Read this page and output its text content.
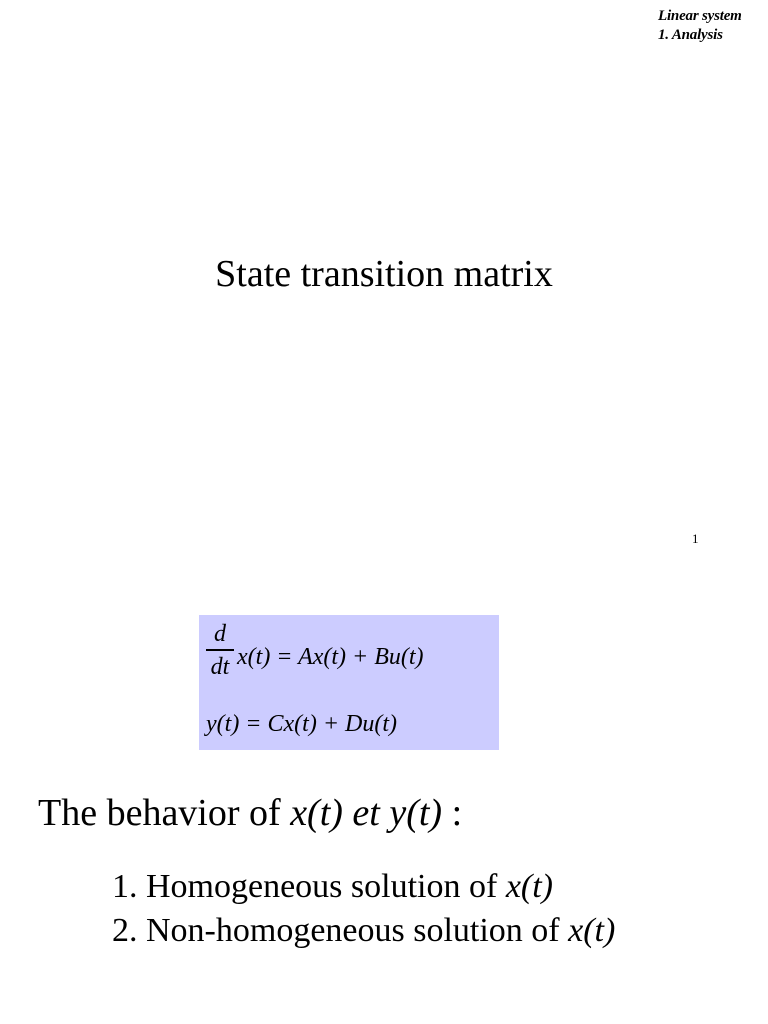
Linear system
1. Analysis
State transition matrix
1
d
dt x(t) = Ax(t) + Bu(t)
y(t) = Cx(t) + Du(t)
The behavior of x(t) et y(t) :
1. Homogeneous solution of x(t)
2. Non-homogeneous solution of x(t)
